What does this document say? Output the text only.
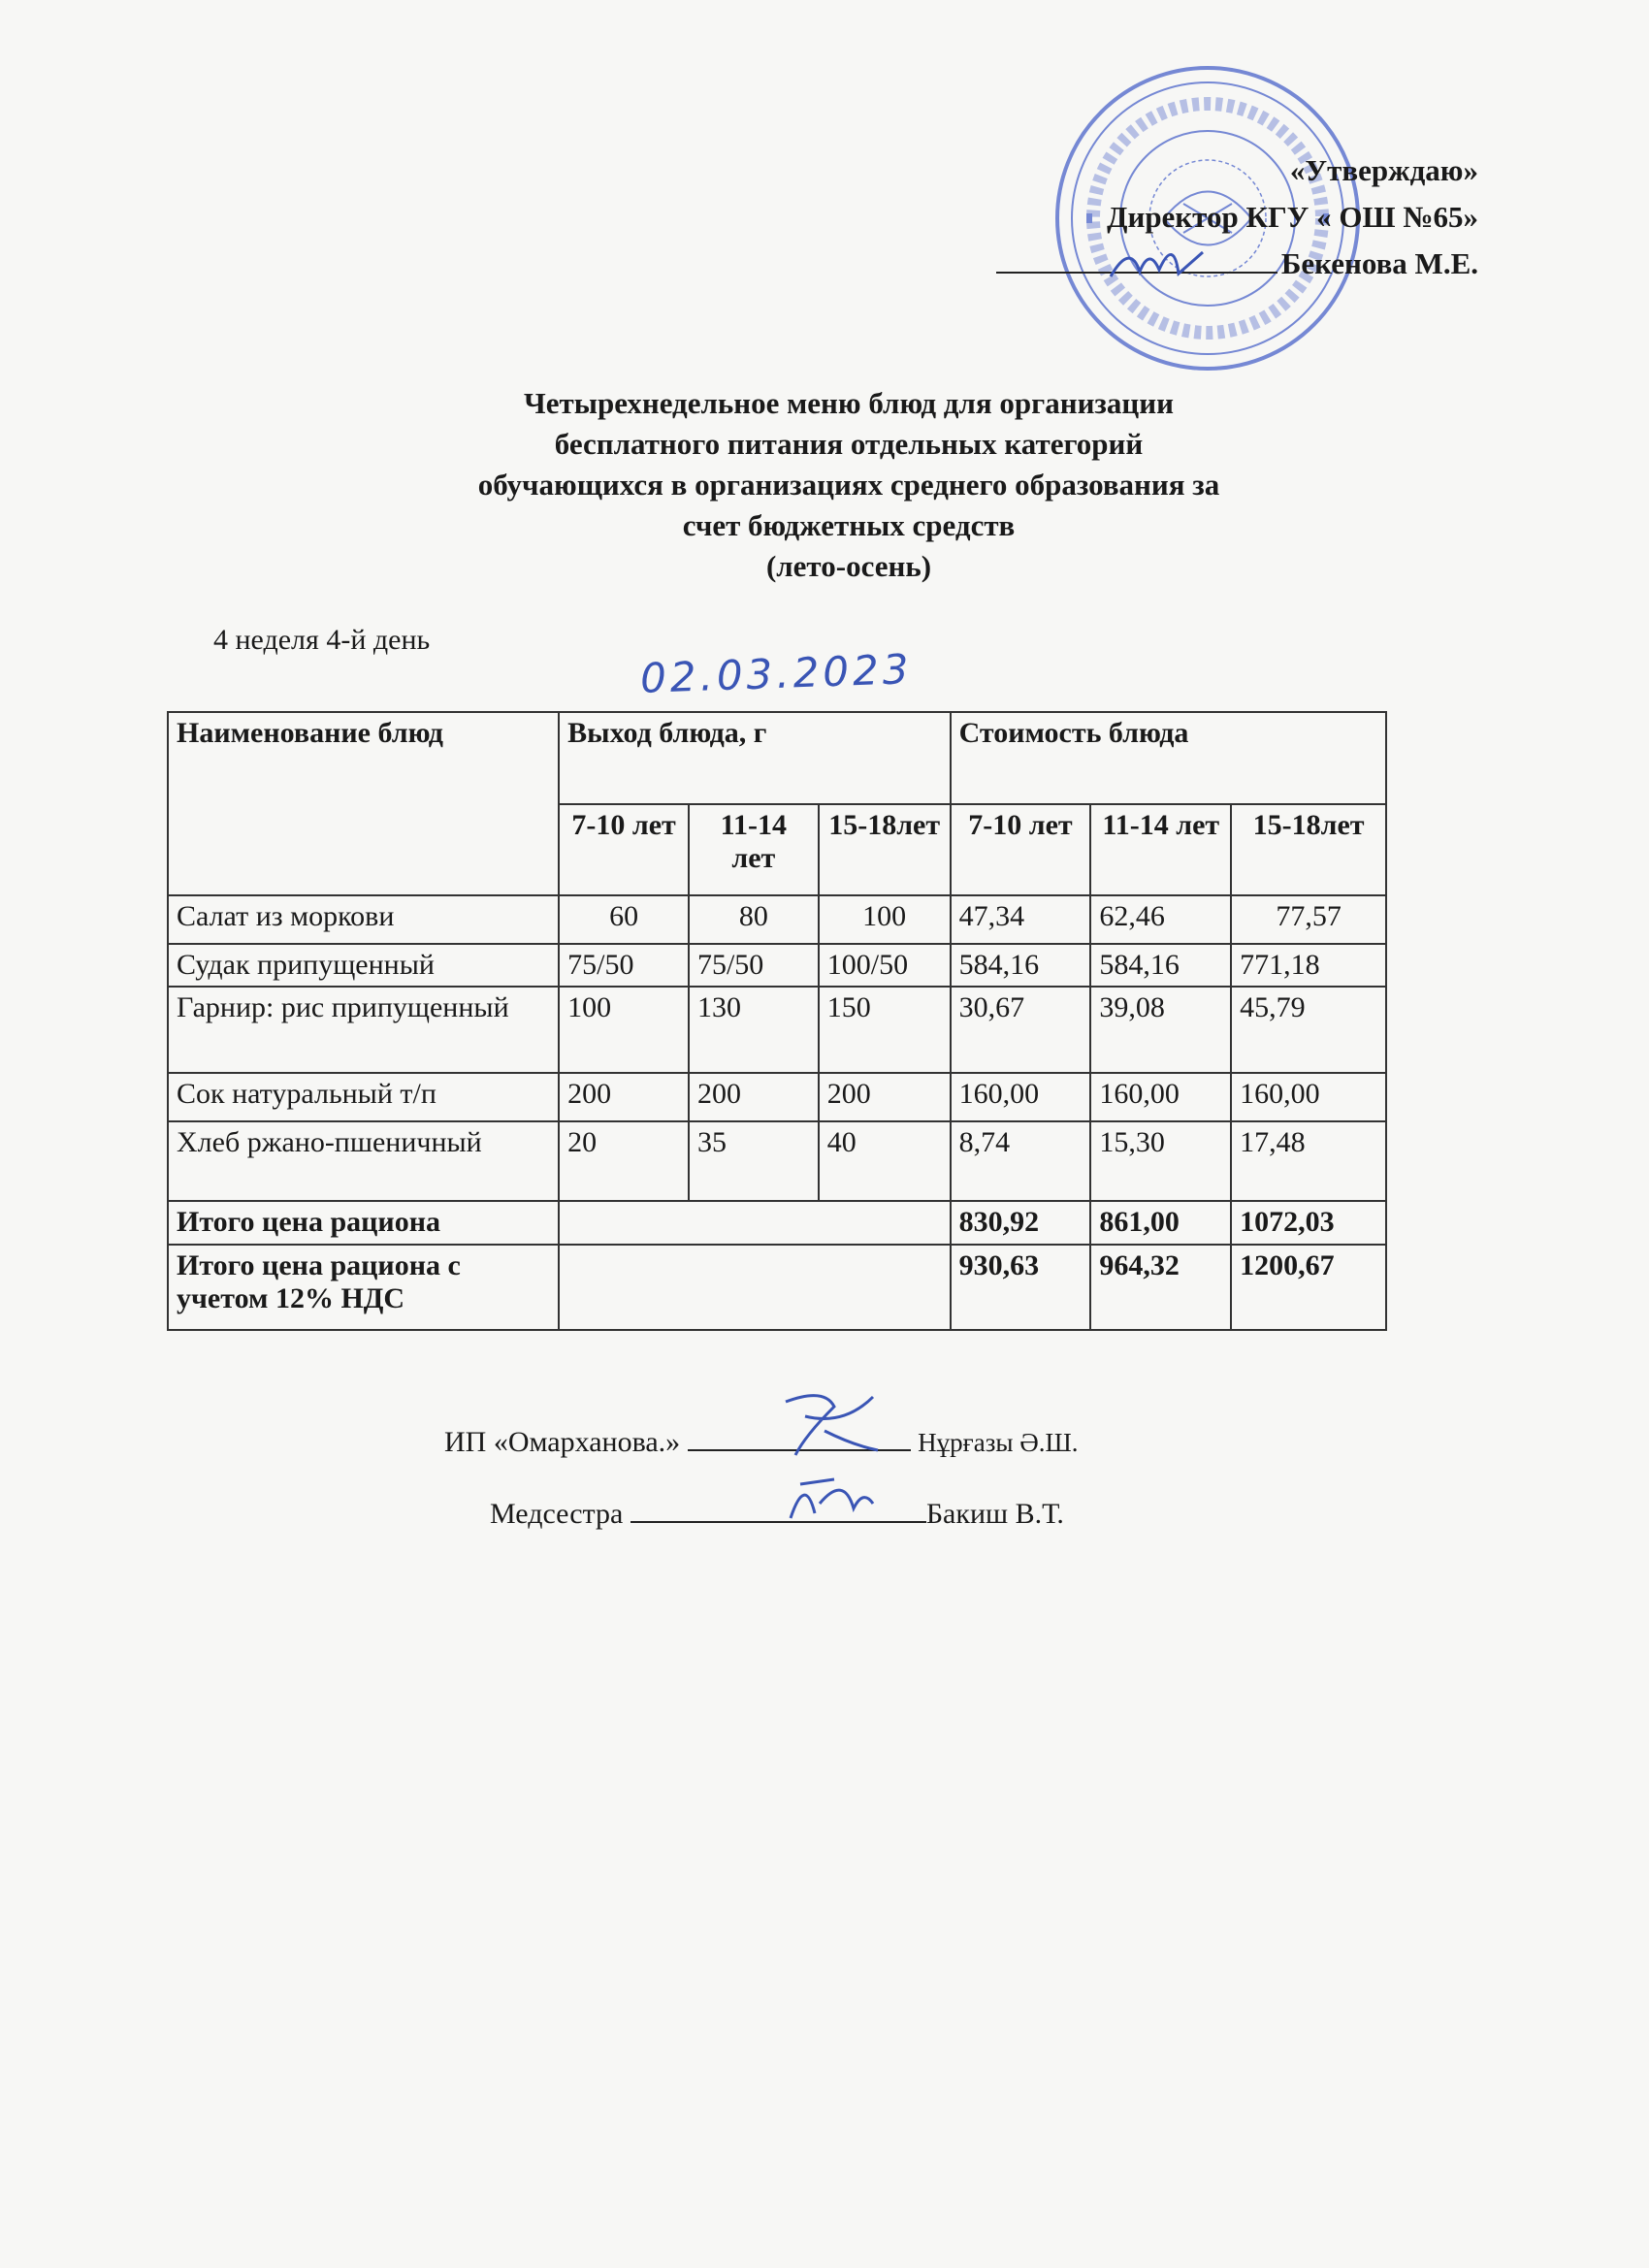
«Утверждаю»
Директор КГУ « ОШ №65»
Бекенова М.Е.
Четырехнедельное меню блюд для организации
бесплатного питания отдельных категорий
обучающихся в организациях среднего образования за
счет бюджетных средств
(лето-осень)
4 неделя 4-й день
02.03.2023
Наименование блюд	Выход блюда, г			Стоимость блюда		
	7-10 лет	11-14 лет	15-18лет	7-10 лет	11-14 лет	15-18лет
Салат из моркови	60	80	100	47,34	62,46	77,57
Судак припущенный	75/50	75/50	100/50	584,16	584,16	771,18
Гарнир: рис припущенный	100	130	150	30,67	39,08	45,79
Сок натуральный т/п	200	200	200	160,00	160,00	160,00
Хлеб ржано-пшеничный	20	35	40	8,74	15,30	17,48
Итого цена рациона				830,92	861,00	1072,03
Итого цена рациона с учетом 12% НДС				930,63	964,32	1200,67
ИП «Омарханова.»	Нұрғазы Ә.Ш.
Медсестра	Бакиш В.Т.
